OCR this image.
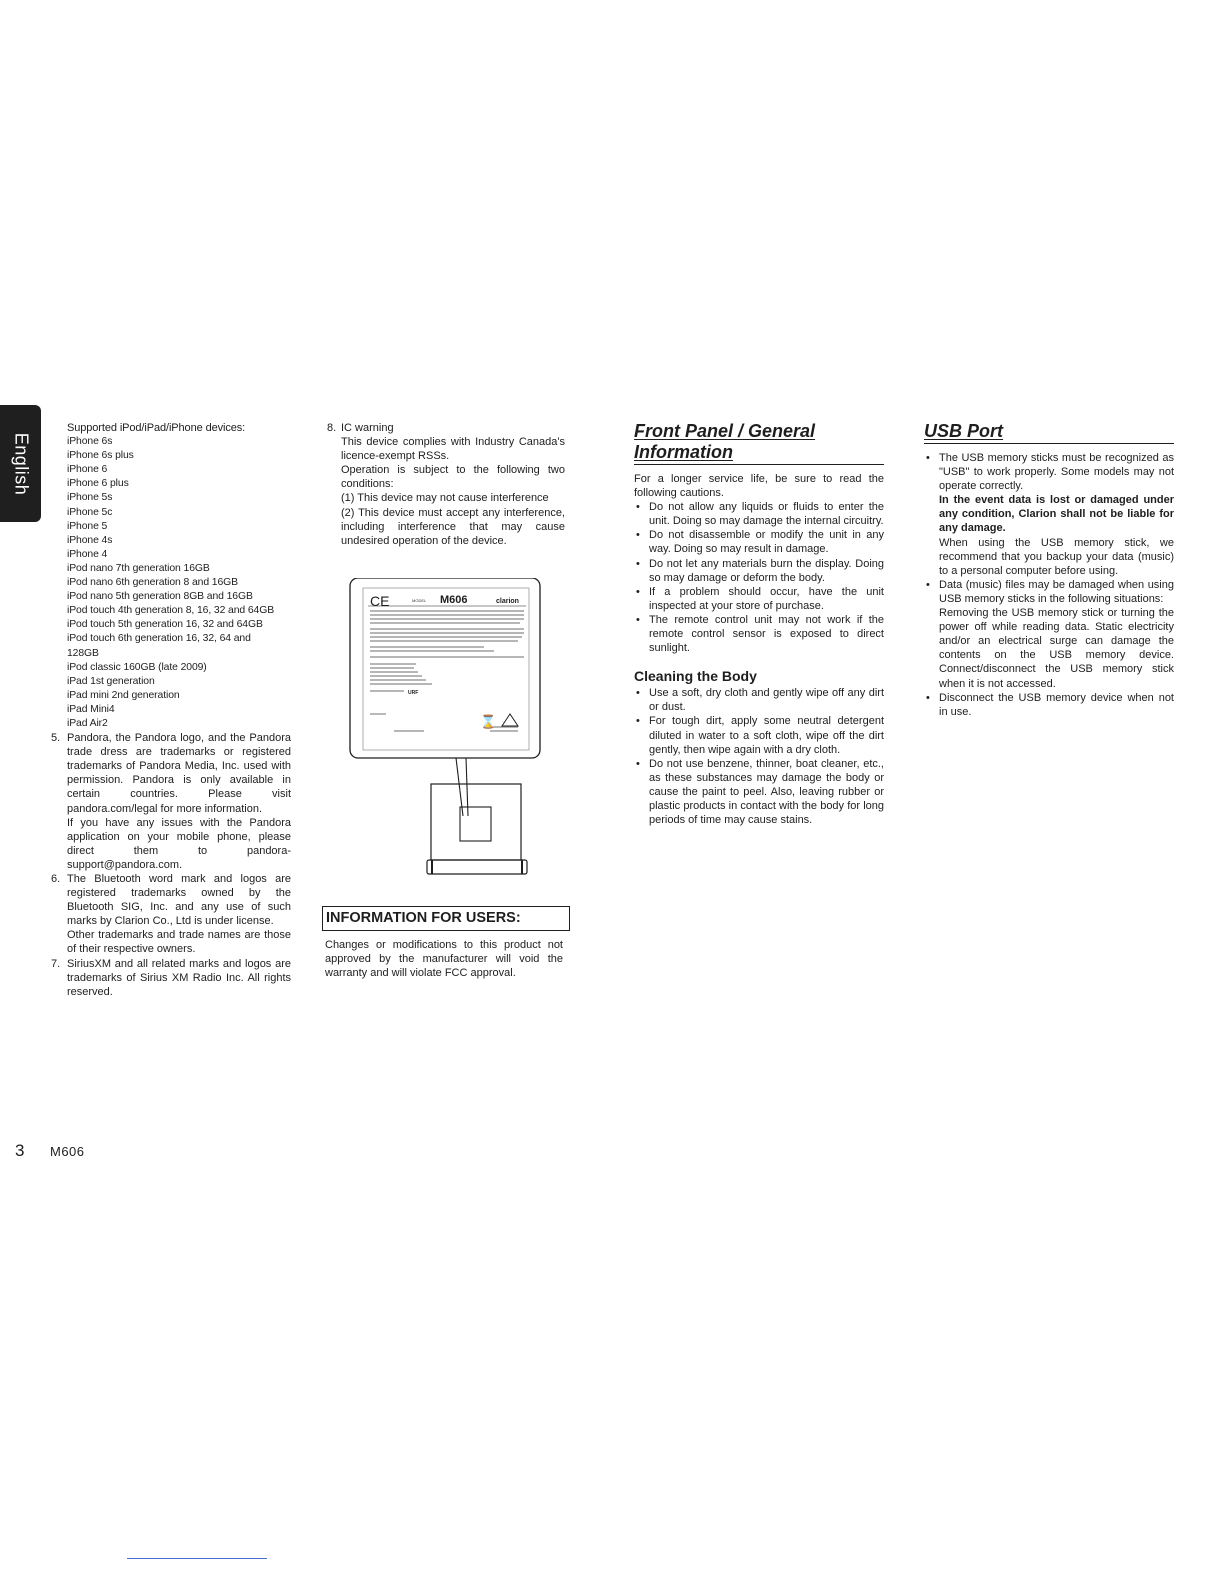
English

Supported iPod/iPad/iPhone devices:

iPhone 6s

iPhone 6s plus

iPhone 6

iPhone 6 plus

iPhone 5s

iPhone 5c

iPhone 5

iPhone 4s

iPhone 4

iPod nano 7th generation 16GB

iPod nano 6th generation 8 and 16GB

iPod nano 5th generation 8GB and 16GB

iPod touch 4th generation 8, 16, 32 and 64GB

iPod touch 5th generation 16, 32 and 64GB

iPod touch 6th generation 16, 32, 64 and

128GB

iPod classic 160GB (late 2009)

iPad 1st generation

iPad mini 2nd generation

iPad Mini4

iPad Air2

5. Pandora, the Pandora logo, and the Pandora trade dress are trademarks or registered trademarks of Pandora Media, Inc. used with permission. Pandora is only available in certain countries. Please visit pandora.com/legal for more information.

If you have any issues with the Pandora application on your mobile phone, please direct them to pandora-support@pandora.com.

6. The Bluetooth word mark and logos are registered trademarks owned by the Bluetooth SIG, Inc. and any use of such marks by Clarion Co., Ltd is under license.

Other trademarks and trade names are those of their respective owners.

7. SiriusXM and all related marks and logos are trademarks of Sirius XM Radio Inc. All rights reserved.

8. IC warning

This device complies with Industry Canada's licence-exempt RSSs.

Operation is subject to the following two conditions:

(1) This device may not cause interference

(2) This device must accept any interference, including interference that may cause undesired operation of the device.

CE	MODEL M606	clarion
URF
⌛
INFORMATION FOR USERS:
Changes or modifications to this product not approved by the manufacturer will void the warranty and will violate FCC approval.
Front Panel / General Information

For a longer service life, be sure to read the following cautions.

• Do not allow any liquids or fluids to enter the unit. Doing so may damage the internal circuitry.
• Do not disassemble or modify the unit in any way. Doing so may result in damage.
• Do not let any materials burn the display. Doing so may damage or deform the body.
• If a problem should occur, have the unit inspected at your store of purchase.
• The remote control unit may not work if the remote control sensor is exposed to direct sunlight.
Cleaning the Body
• Use a soft, dry cloth and gently wipe off any dirt or dust.
• For tough dirt, apply some neutral detergent diluted in water to a soft cloth, wipe off the dirt gently, then wipe again with a dry cloth.
• Do not use benzene, thinner, boat cleaner, etc., as these substances may damage the body or cause the paint to peel. Also, leaving rubber or plastic products in contact with the body for long periods of time may cause stains.
USB Port
• The USB memory sticks must be recognized as "USB" to work properly. Some models may not operate correctly.
In the event data is lost or damaged under any condition, Clarion shall not be liable for any damage.
When using the USB memory stick, we recommend that you backup your data (music) to a personal computer before using.
• Data (music) files may be damaged when using USB memory sticks in the following situations:
Removing the USB memory stick or turning the power off while reading data. Static electricity and/or an electrical surge can damage the contents on the USB memory device. Connect/disconnect the USB memory stick when it is not accessed.
• Disconnect the USB memory device when not in use.
3 M606
